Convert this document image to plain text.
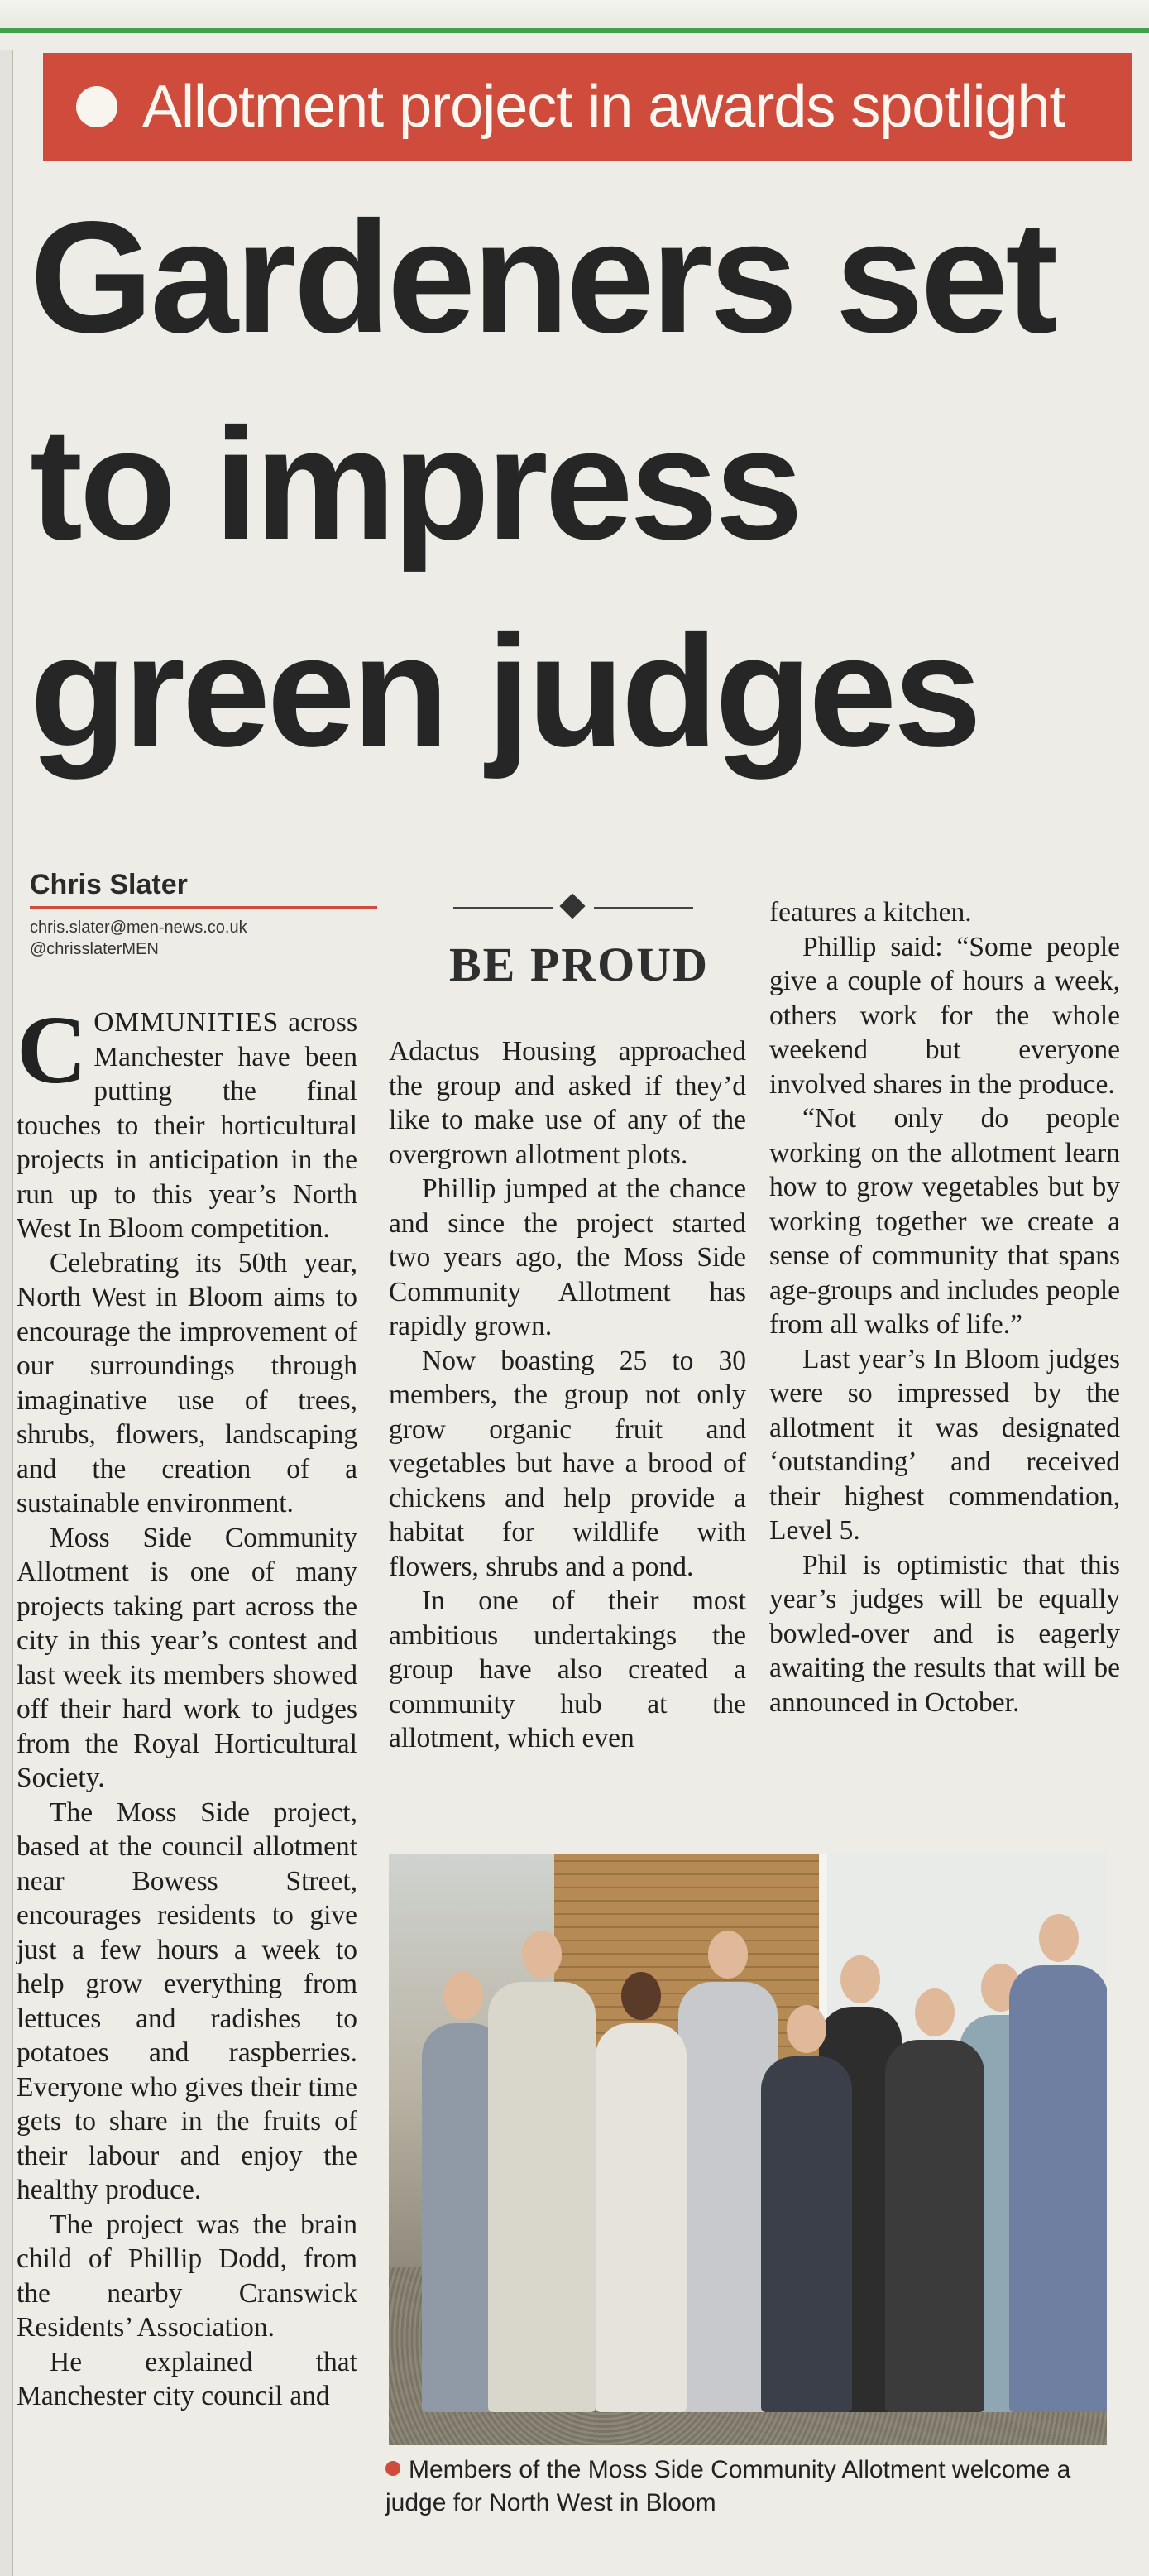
Allotment project in awards spotlight
Gardeners set
to impress
green judges
Chris Slater
chris.slater@men-news.co.uk
@chrisslaterMEN	BE PROUD

COMMUNITIES across Manchester have been putting the final touches to their horticultural projects in anticipation in the run up to this year’s North West In Bloom competition.

Celebrating its 50th year, North West in Bloom aims to encourage the improvement of our surroundings through imaginative use of trees, shrubs, flowers, landscaping and the creation of a sustainable environment.

Moss Side Community Allotment is one of many projects taking part across the city in this year’s contest and last week its members showed off their hard work to judges from the Royal Horticultural Society.

The Moss Side project, based at the council allotment near Bowess Street, encourages residents to give just a few hours a week to help grow everything from lettuces and radishes to potatoes and raspberries. Everyone who gives their time gets to share in the fruits of their labour and enjoy the healthy produce.

The project was the brain child of Phillip Dodd, from the nearby Cranswick Residents’ Association.

He explained that Manchester city council and

Adactus Housing approached the group and asked if they’d like to make use of any of the overgrown allotment plots.

Phillip jumped at the chance and since the project started two years ago, the Moss Side Community Allotment has rapidly grown.

Now boasting 25 to 30 members, the group not only grow organic fruit and vegetables but have a brood of chickens and help provide a habitat for wildlife with flowers, shrubs and a pond.

In one of their most ambitious undertakings the group have also created a community hub at the allotment, which even

features a kitchen.

Phillip said: “Some people give a couple of hours a week, others work for the whole weekend but everyone involved shares in the produce.

“Not only do people working on the allotment learn how to grow vegetables but by working together we create a sense of community that spans age-groups and includes people from all walks of life.”

Last year’s In Bloom judges were so impressed by the allotment it was designated ‘outstanding’ and received their highest commendation, Level 5.

Phil is optimistic that this year’s judges will be equally bowled-over and is eagerly awaiting the results that will be announced in October.

Members of the Moss Side Community Allotment welcome a judge for North West in Bloom
